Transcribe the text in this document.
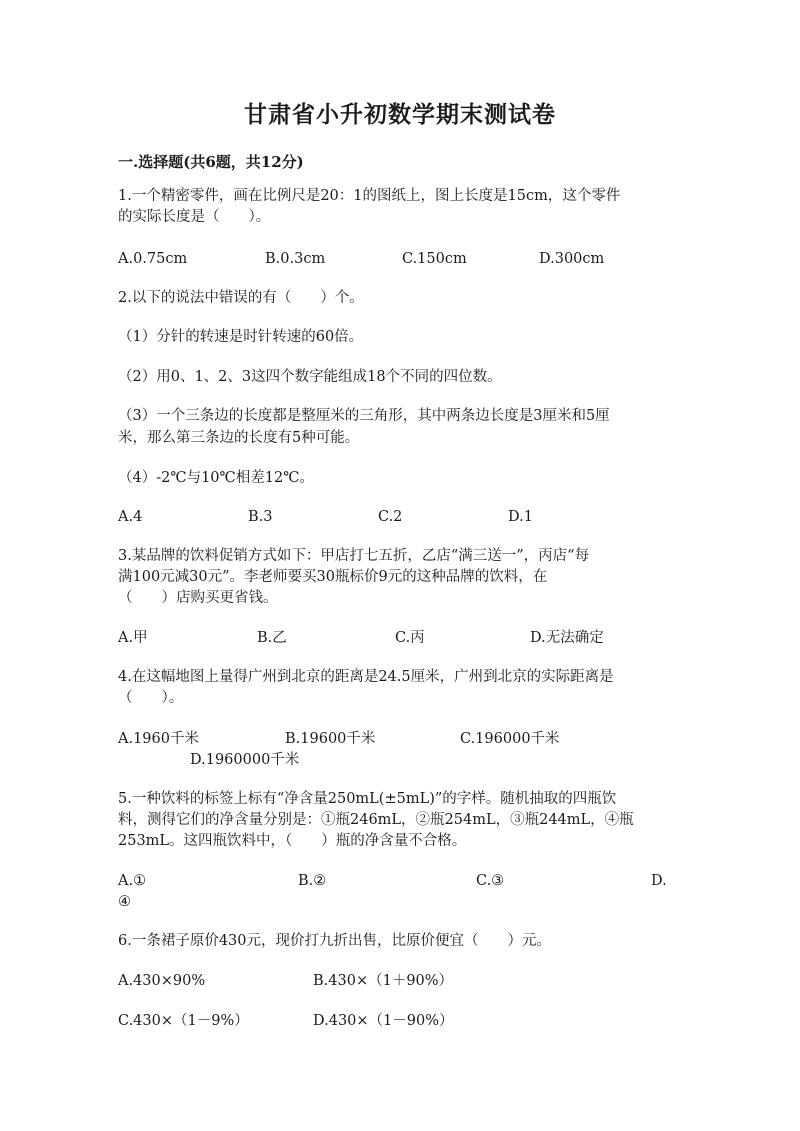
甘肃省小升初数学期末测试卷
一.选择题(共6题，共12分)
1.一个精密零件，画在比例尺是20：1的图纸上，图上长度是15cm，这个零件
的实际长度是（　　）。
A.0.75cm	B.0.3cm	C.150cm	D.300cm
2.以下的说法中错误的有（　　）个。
（1）分针的转速是时针转速的60倍。
（2）用0、1、2、3这四个数字能组成18个不同的四位数。
（3）一个三条边的长度都是整厘米的三角形，其中两条边长度是3厘米和5厘
米，那么第三条边的长度有5种可能。
（4）-2℃与10℃相差12℃。
A.4	B.3	C.2	D.1
3.某品牌的饮料促销方式如下：甲店打七五折，乙店“满三送一”，丙店“每
满100元减30元”。李老师要买30瓶标价9元的这种品牌的饮料，在
（　　）店购买更省钱。
A.甲	B.乙	C.丙	D.无法确定
4.在这幅地图上量得广州到北京的距离是24.5厘米，广州到北京的实际距离是
（　　）。
A.1960千米	B.19600千米	C.196000千米
D.1960000千米
5.一种饮料的标签上标有“净含量250mL(±5mL)”的字样。随机抽取的四瓶饮
料，测得它们的净含量分别是：①瓶246mL，②瓶254mL，③瓶244mL，④瓶
253mL。这四瓶饮料中，（　　）瓶的净含量不合格。
A.①	B.②	C.③	D.
④
6.一条裙子原价430元，现价打九折出售，比原价便宜（　　）元。
A.430×90%	B.430×（1＋90%）
C.430×（1－9%）	D.430×（1－90%）
